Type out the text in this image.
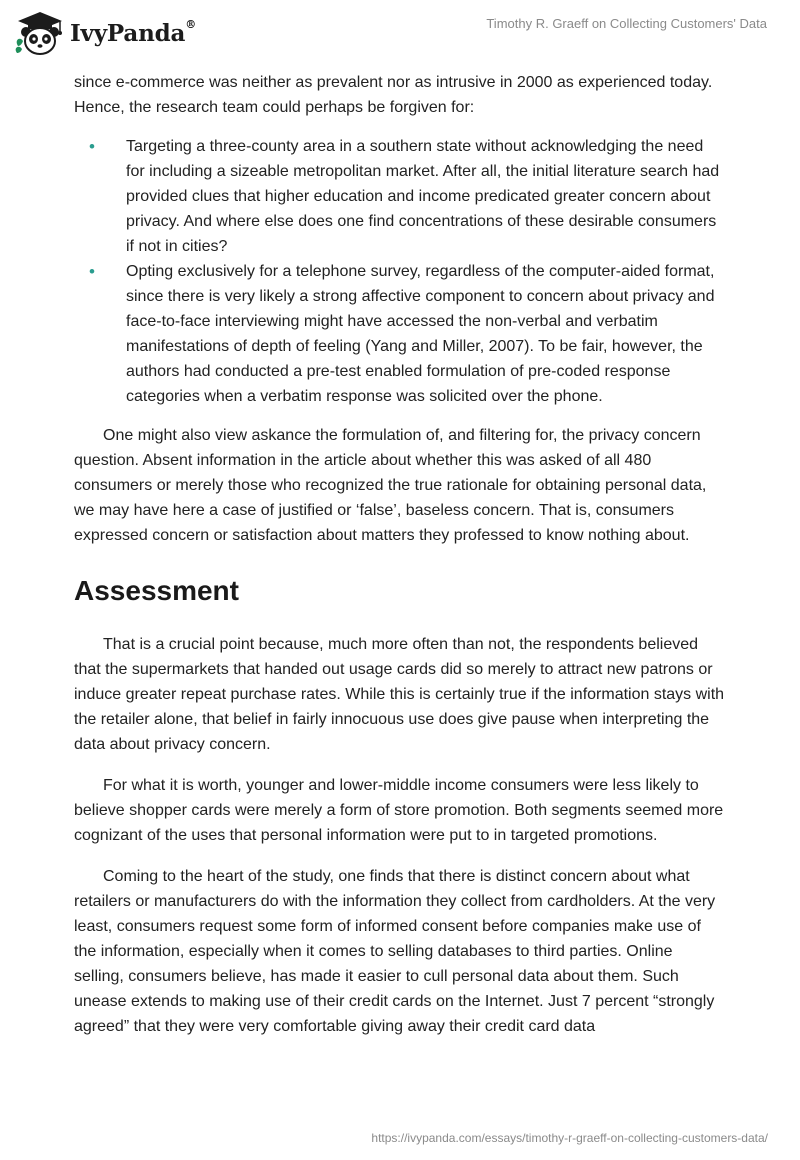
IvyPanda®	Timothy R. Graeff on Collecting Customers' Data

since e-commerce was neither as prevalent nor as intrusive in 2000 as experienced today. Hence, the research team could perhaps be forgiven for:

• Targeting a three-county area in a southern state without acknowledging the need for including a sizeable metropolitan market. After all, the initial literature search had provided clues that higher education and income predicated greater concern about privacy. And where else does one find concentrations of these desirable consumers if not in cities?
• Opting exclusively for a telephone survey, regardless of the computer-aided format, since there is very likely a strong affective component to concern about privacy and face-to-face interviewing might have accessed the non-verbal and verbatim manifestations of depth of feeling (Yang and Miller, 2007). To be fair, however, the authors had conducted a pre-test enabled formulation of pre-coded response categories when a verbatim response was solicited over the phone.

One might also view askance the formulation of, and filtering for, the privacy concern question. Absent information in the article about whether this was asked of all 480 consumers or merely those who recognized the true rationale for obtaining personal data, we may have here a case of justified or ‘false’, baseless concern. That is, consumers expressed concern or satisfaction about matters they professed to know nothing about.

Assessment

That is a crucial point because, much more often than not, the respondents believed that the supermarkets that handed out usage cards did so merely to attract new patrons or induce greater repeat purchase rates. While this is certainly true if the information stays with the retailer alone, that belief in fairly innocuous use does give pause when interpreting the data about privacy concern.

For what it is worth, younger and lower-middle income consumers were less likely to believe shopper cards were merely a form of store promotion. Both segments seemed more cognizant of the uses that personal information were put to in targeted promotions.

Coming to the heart of the study, one finds that there is distinct concern about what retailers or manufacturers do with the information they collect from cardholders. At the very least, consumers request some form of informed consent before companies make use of the information, especially when it comes to selling databases to third parties. Online selling, consumers believe, has made it easier to cull personal data about them. Such unease extends to making use of their credit cards on the Internet. Just 7 percent “strongly agreed” that they were very comfortable giving away their credit card data

https://ivypanda.com/essays/timothy-r-graeff-on-collecting-customers-data/
